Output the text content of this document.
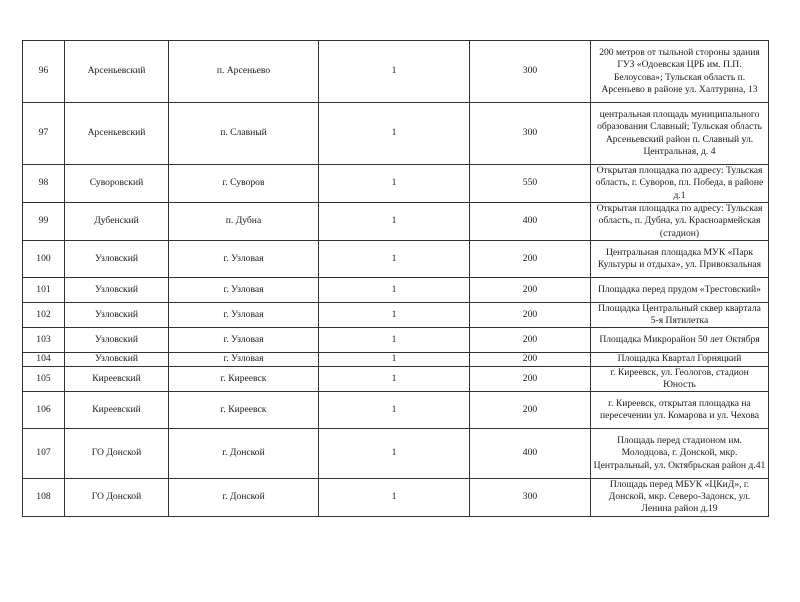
96	Арсеньевский	п. Арсеньево	1	300	200 метров от тыльной стороны здания ГУЗ «Одоевская ЦРБ им. П.П. Белоусова»; Тульская область п. Арсеньево в районе ул. Халтурина, 13
97	Арсеньевский	п. Славный	1	300	центральная площадь муниципального образования Славный; Тульская область Арсеньевский район п. Славный ул. Центральная, д. 4
98	Суворовский	г. Суворов	1	550	Открытая площадка по адресу: Тульская область, г. Суворов, пл. Победа, в районе д.1
99	Дубенский	п. Дубна	1	400	Открытая площадка по адресу: Тульская область, п. Дубна, ул. Красноармейская (стадион)
100	Узловский	г. Узловая	1	200	Центральная площадка МУК «Парк Культуры и отдыха», ул. Привокзальная
101	Узловский	г. Узловая	1	200	Площадка перед прудом «Трестовский»
102	Узловский	г. Узловая	1	200	Площадка Центральный сквер квартала 5-я Пятилетка
103	Узловский	г. Узловая	1	200	Площадка Микрорайон 50 лет Октября
104	Узловский	г. Узловая	1	200	Площадка Квартал Горняцкий
105	Киреевский	г. Киреевск	1	200	г. Киреевск, ул. Геологов, стадион Юность
106	Киреевский	г. Киреевск	1	200	г. Киреевск, открытая площадка на пересечении ул. Комарова и ул. Чехова
107	ГО Донской	г. Донской	1	400	Площадь перед стадионом им. Молодцова, г. Донской, мкр. Центральный, ул. Октябрьская район д.41
108	ГО Донской	г. Донской	1	300	Площадь перед МБУК «ЦКиД», г. Донской, мкр. Северо-Задонск, ул. Ленина район д.19
